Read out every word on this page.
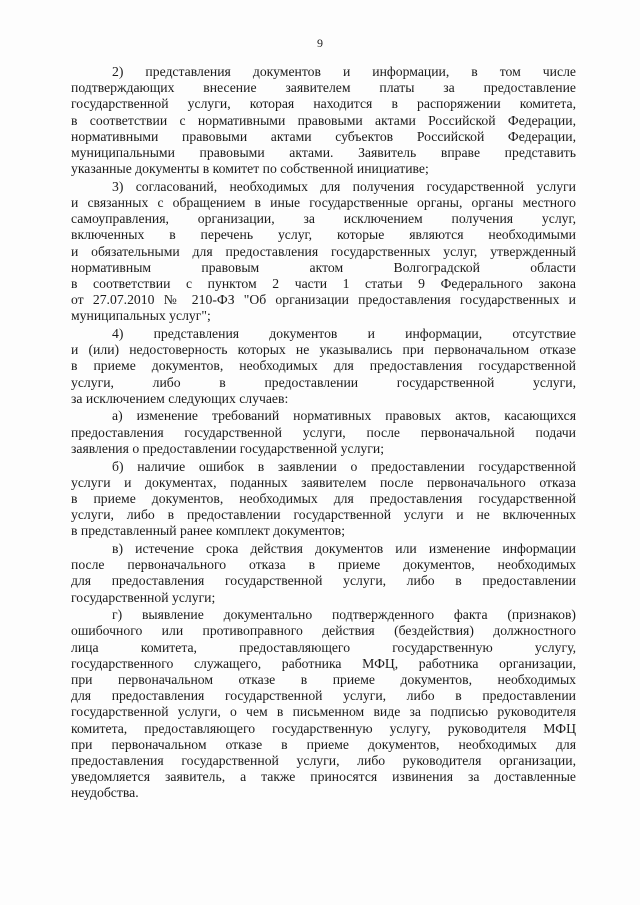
9
2) представления документов и информации, в том числе
подтверждающих внесение заявителем платы за предоставление
государственной услуги, которая находится в распоряжении комитета,
в соответствии с нормативными правовыми актами Российской Федерации,
нормативными правовыми актами субъектов Российской Федерации,
муниципальными правовыми актами. Заявитель вправе представить
указанные документы в комитет по собственной инициативе;
3) согласований, необходимых для получения государственной услуги
и связанных с обращением в иные государственные органы, органы местного
самоуправления, организации, за исключением получения услуг,
включенных в перечень услуг, которые являются необходимыми
и обязательными для предоставления государственных услуг, утвержденный
нормативным правовым актом Волгоградской области
в соответствии с пунктом 2 части 1 статьи 9 Федерального закона
от 27.07.2010 № 210-ФЗ "Об организации предоставления государственных и
муниципальных услуг";
4) представления документов и информации, отсутствие
и (или) недостоверность которых не указывались при первоначальном отказе
в приеме документов, необходимых для предоставления государственной
услуги, либо в предоставлении государственной услуги,
за исключением следующих случаев:
а) изменение требований нормативных правовых актов, касающихся
предоставления государственной услуги, после первоначальной подачи
заявления о предоставлении государственной услуги;
б) наличие ошибок в заявлении о предоставлении государственной
услуги и документах, поданных заявителем после первоначального отказа
в приеме документов, необходимых для предоставления государственной
услуги, либо в предоставлении государственной услуги и не включенных
в представленный ранее комплект документов;
в) истечение срока действия документов или изменение информации
после первоначального отказа в приеме документов, необходимых
для предоставления государственной услуги, либо в предоставлении
государственной услуги;
г) выявление документально подтвержденного факта (признаков)
ошибочного или противоправного действия (бездействия) должностного
лица комитета, предоставляющего государственную услугу,
государственного служащего, работника МФЦ, работника организации,
при первоначальном отказе в приеме документов, необходимых
для предоставления государственной услуги, либо в предоставлении
государственной услуги, о чем в письменном виде за подписью руководителя
комитета, предоставляющего государственную услугу, руководителя МФЦ
при первоначальном отказе в приеме документов, необходимых для
предоставления государственной услуги, либо руководителя организации,
уведомляется заявитель, а также приносятся извинения за доставленные
неудобства.
